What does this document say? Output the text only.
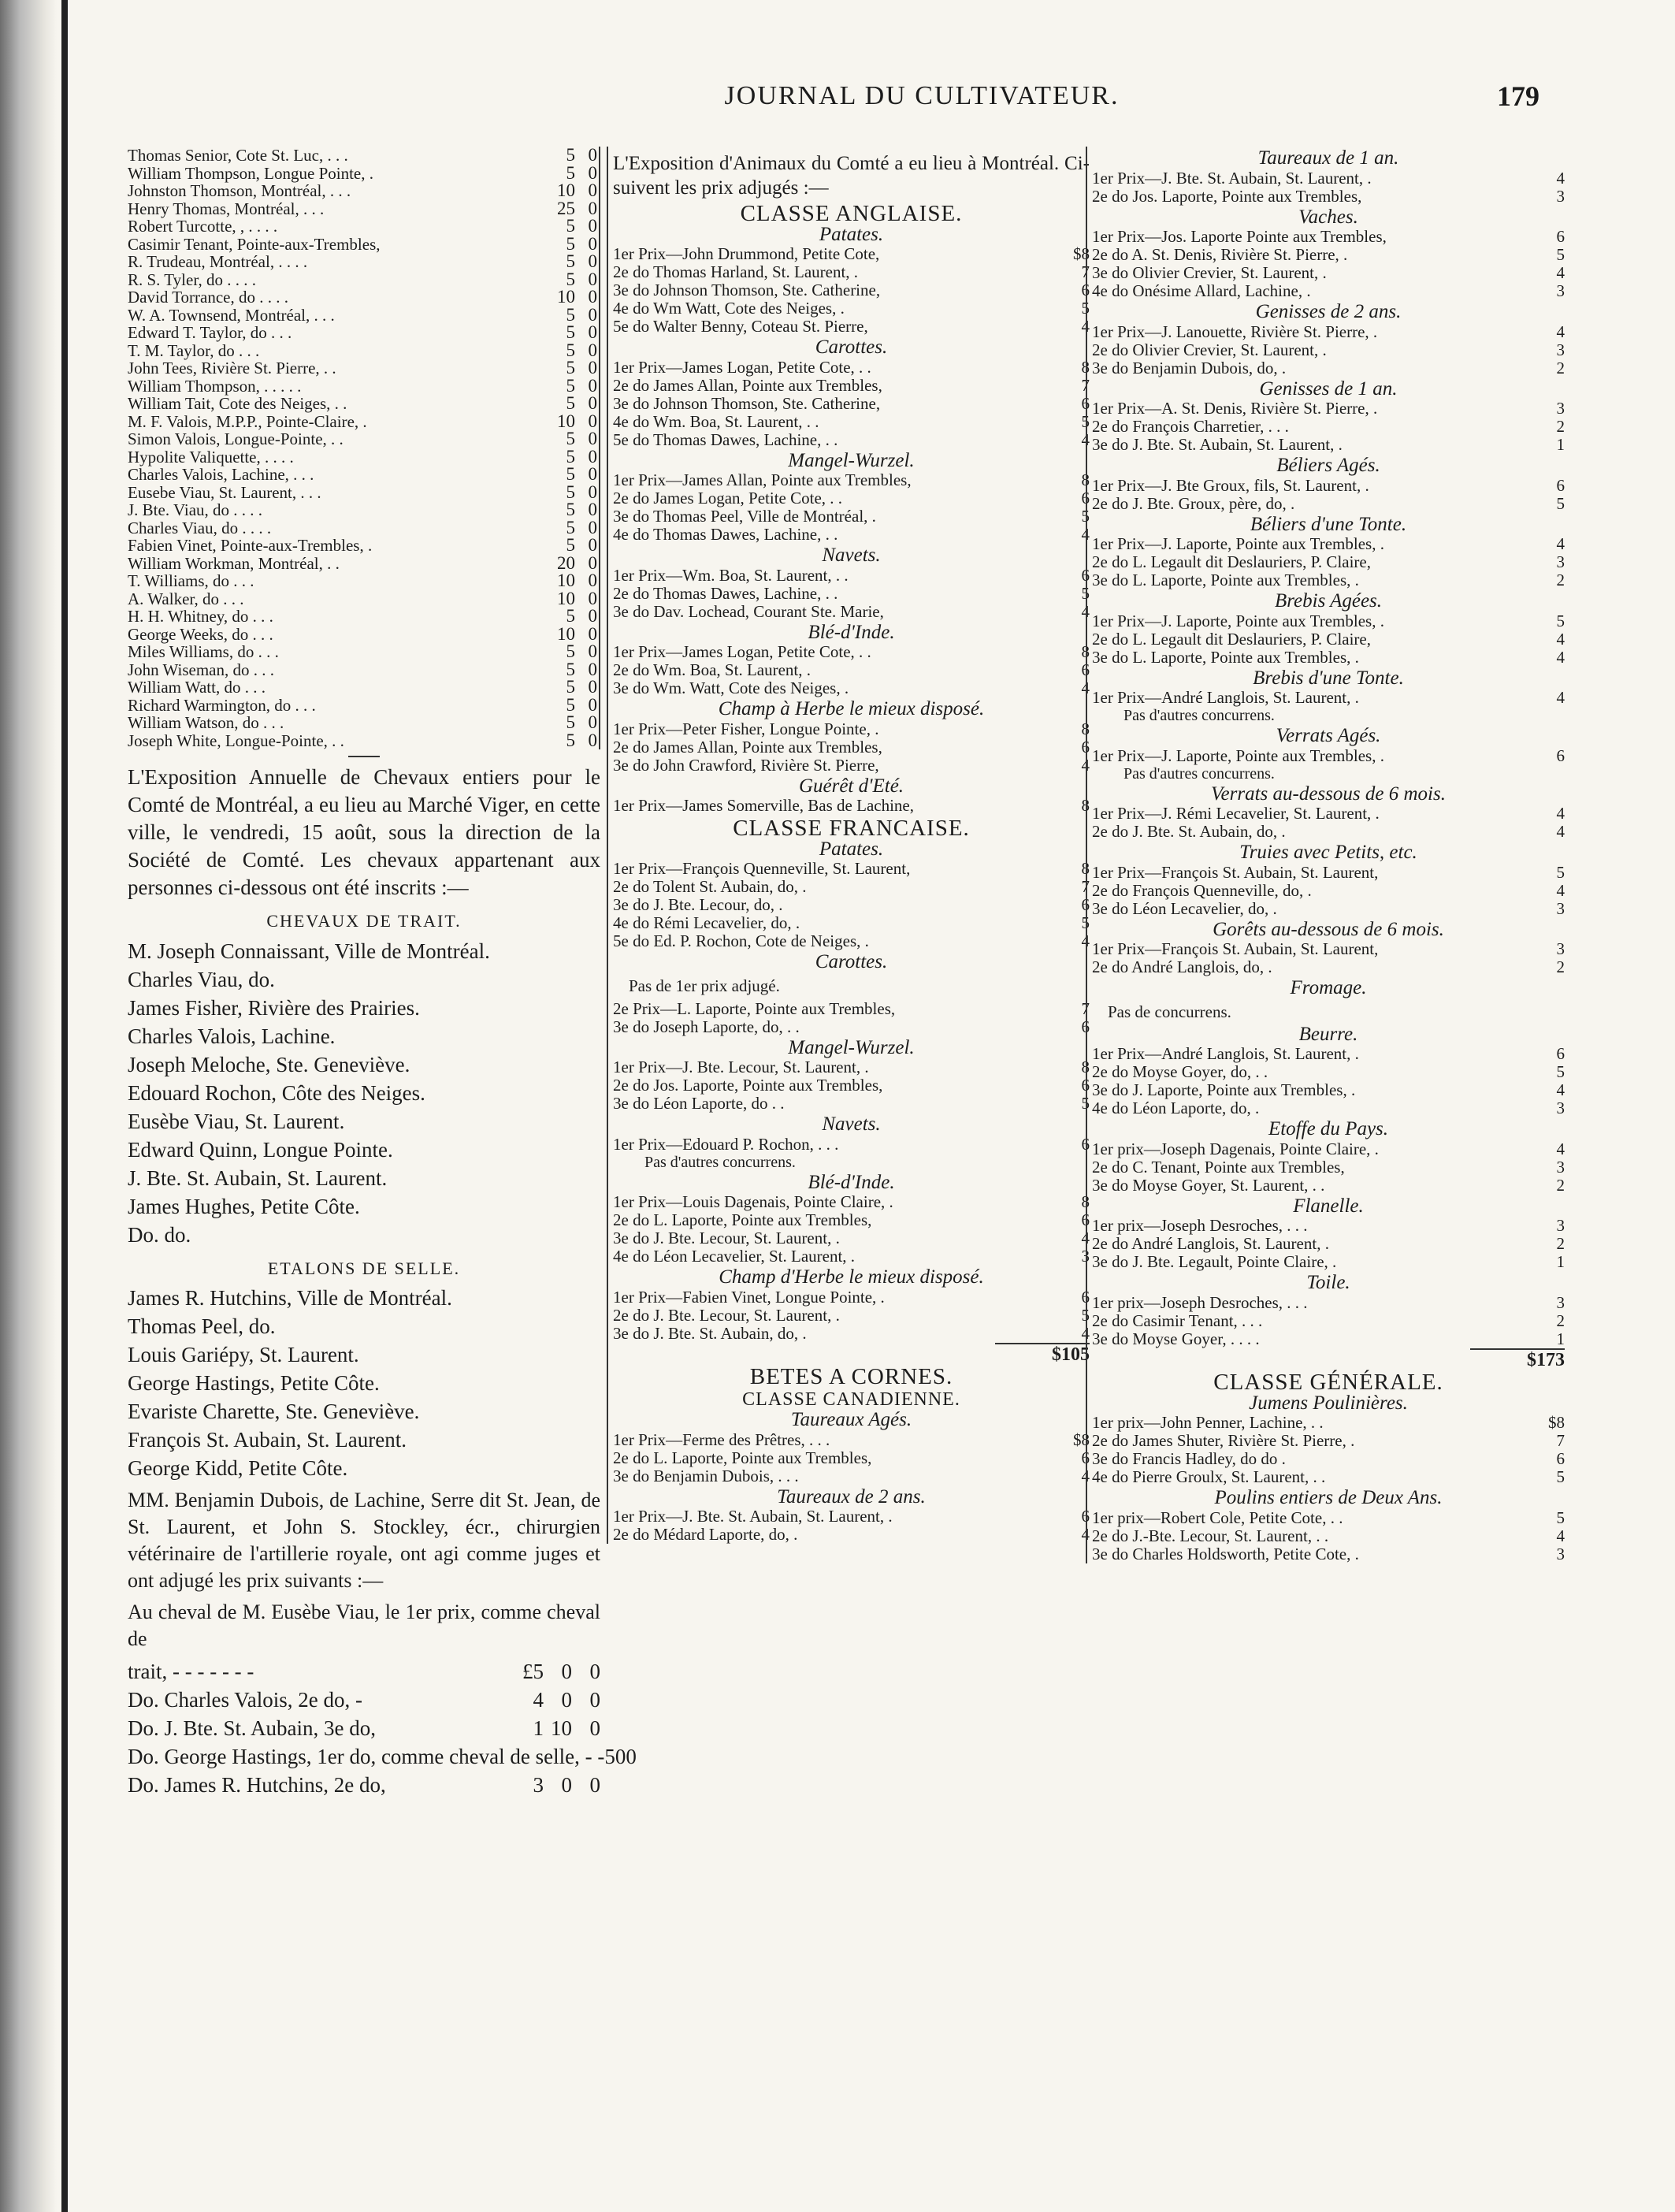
JOURNAL DU CULTIVATEUR.	179
Thomas Senior, Cote St. Luc, . . .	5 0
William Thompson, Longue Pointe, .	5 0
Johnston Thomson, Montréal, . . .	10 0
Henry Thomas, Montréal, . . .	25 0
Robert Turcotte, , . . . .	5 0
Casimir Tenant, Pointe-aux-Trembles,	5 0
R. Trudeau, Montréal, . . . .	5 0
R. S. Tyler, do . . . .	5 0
David Torrance, do . . . .	10 0
W. A. Townsend, Montréal, . . .	5 0
Edward T. Taylor, do . . .	5 0
T. M. Taylor, do . . .	5 0
John Tees, Rivière St. Pierre, . .	5 0
William Thompson, . . . . .	5 0
William Tait, Cote des Neiges, . .	5 0
M. F. Valois, M.P.P., Pointe-Claire, .	10 0
Simon Valois, Longue-Pointe, . .	5 0
Hypolite Valiquette, . . . .	5 0
Charles Valois, Lachine, . . .	5 0
Eusebe Viau, St. Laurent, . . .	5 0
J. Bte. Viau, do . . . .	5 0
Charles Viau, do . . . .	5 0
Fabien Vinet, Pointe-aux-Trembles, .	5 0
William Workman, Montréal, . .	20 0
T. Williams, do . . .	10 0
A. Walker, do . . .	10 0
H. H. Whitney, do . . .	5 0
George Weeks, do . . .	10 0
Miles Williams, do . . .	5 0
John Wiseman, do . . .	5 0
William Watt, do . . .	5 0
Richard Warmington, do . . .	5 0
William Watson, do . . .	5 0
Joseph White, Longue-Pointe, . .	5 0
L'Exposition Annuelle de Chevaux entiers pour le Comté de Montréal, a eu lieu au Marché Viger, en cette ville, le vendredi, 15 août, sous la direction de la Société de Comté. Les chevaux appartenant aux personnes ci-dessous ont été inscrits :—
CHEVAUX DE TRAIT.
M. Joseph Connaissant, Ville de Montréal.
Charles Viau, do.
James Fisher, Rivière des Prairies.
Charles Valois, Lachine.
Joseph Meloche, Ste. Geneviève.
Edouard Rochon, Côte des Neiges.
Eusèbe Viau, St. Laurent.
Edward Quinn, Longue Pointe.
J. Bte. St. Aubain, St. Laurent.
James Hughes, Petite Côte.
Do. do.
ETALONS DE SELLE.
James R. Hutchins, Ville de Montréal.
Thomas Peel, do.
Louis Gariépy, St. Laurent.
George Hastings, Petite Côte.
Evariste Charette, Ste. Geneviève.
François St. Aubain, St. Laurent.
George Kidd, Petite Côte.
MM. Benjamin Dubois, de Lachine, Serre dit St. Jean, de St. Laurent, et John S. Stockley, écr., chirurgien vétérinaire de l'artillerie royale, ont agi comme juges et ont adjugé les prix suivants :—
Au cheval de M. Eusèbe Viau, le 1er prix, comme cheval de
trait, - - - - - - -	£5 0 0
Do. Charles Valois, 2e do, -	4 0 0
Do. J. Bte. St. Aubain, 3e do,	1 10 0
Do. George Hastings, 1er do, comme cheval de selle, - - 5 0 0
Do. James R. Hutchins, 2e do,	3 0 0
L'Exposition d'Animaux du Comté a eu lieu à Montréal. Ci-suivent les prix adjugés :—
CLASSE ANGLAISE.
Patates.
1er Prix—John Drummond, Petite Cote,	$8
2e do Thomas Harland, St. Laurent, .	7
3e do Johnson Thomson, Ste. Catherine,	6
4e do Wm Watt, Cote des Neiges, .	5
5e do Walter Benny, Coteau St. Pierre,	4
Carottes.
1er Prix—James Logan, Petite Cote, . .	8
2e do James Allan, Pointe aux Trembles,	7
3e do Johnson Thomson, Ste. Catherine,	6
4e do Wm. Boa, St. Laurent, . .	5
5e do Thomas Dawes, Lachine, . .	4
Mangel-Wurzel.
1er Prix—James Allan, Pointe aux Trembles,	8
2e do James Logan, Petite Cote, . .	6
3e do Thomas Peel, Ville de Montréal, .	5
4e do Thomas Dawes, Lachine, . .	4
Navets.
1er Prix—Wm. Boa, St. Laurent, . .	6
2e do Thomas Dawes, Lachine, . .	5
3e do Dav. Lochead, Courant Ste. Marie,	4
Blé-d'Inde.
1er Prix—James Logan, Petite Cote, . .	8
2e do Wm. Boa, St. Laurent, .	6
3e do Wm. Watt, Cote des Neiges, .	4
Champ à Herbe le mieux disposé.
1er Prix—Peter Fisher, Longue Pointe, .	8
2e do James Allan, Pointe aux Trembles,	6
3e do John Crawford, Rivière St. Pierre,	4
Guérêt d'Eté.
1er Prix—James Somerville, Bas de Lachine,	8
CLASSE FRANCAISE.
Patates.
1er Prix—François Quenneville, St. Laurent,	8
2e do Tolent St. Aubain, do, .	7
3e do J. Bte. Lecour, do, .	6
4e do Rémi Lecavelier, do, .	5
5e do Ed. P. Rochon, Cote de Neiges, .	4
Carottes.
Pas de 1er prix adjugé.
2e Prix—L. Laporte, Pointe aux Trembles,	7
3e do Joseph Laporte, do, . .	6
Mangel-Wurzel.
1er Prix—J. Bte. Lecour, St. Laurent, .	8
2e do Jos. Laporte, Pointe aux Trembles,	6
3e do Léon Laporte, do . .	5
Navets.
1er Prix—Edouard P. Rochon, . . .	6
Pas d'autres concurrens.
Blé-d'Inde.
1er Prix—Louis Dagenais, Pointe Claire, .	8
2e do L. Laporte, Pointe aux Trembles,	6
3e do J. Bte. Lecour, St. Laurent, .	4
4e do Léon Lecavelier, St. Laurent, .	3
Champ d'Herbe le mieux disposé.
1er Prix—Fabien Vinet, Longue Pointe, .	6
2e do J. Bte. Lecour, St. Laurent, .	5
3e do J. Bte. St. Aubain, do, .	4
$105
BETES A CORNES.
CLASSE CANADIENNE.
Taureaux Agés.
1er Prix—Ferme des Prêtres, . . .	$8
2e do L. Laporte, Pointe aux Trembles,	6
3e do Benjamin Dubois, . . .	4
Taureaux de 2 ans.
1er Prix—J. Bte. St. Aubain, St. Laurent, .	6
2e do Médard Laporte, do, .	4
Taureaux de 1 an.
1er Prix—J. Bte. St. Aubain, St. Laurent, .	4
2e do Jos. Laporte, Pointe aux Trembles,	3
Vaches.
1er Prix—Jos. Laporte Pointe aux Trembles,	6
2e do A. St. Denis, Rivière St. Pierre, .	5
3e do Olivier Crevier, St. Laurent, .	4
4e do Onésime Allard, Lachine, .	3
Genisses de 2 ans.
1er Prix—J. Lanouette, Rivière St. Pierre, .	4
2e do Olivier Crevier, St. Laurent, .	3
3e do Benjamin Dubois, do, .	2
Genisses de 1 an.
1er Prix—A. St. Denis, Rivière St. Pierre, .	3
2e do François Charretier, . . .	2
3e do J. Bte. St. Aubain, St. Laurent, .	1
Béliers Agés.
1er Prix—J. Bte Groux, fils, St. Laurent, .	6
2e do J. Bte. Groux, père, do, .	5
Béliers d'une Tonte.
1er Prix—J. Laporte, Pointe aux Trembles, .	4
2e do L. Legault dit Deslauriers, P. Claire,	3
3e do L. Laporte, Pointe aux Trembles, .	2
Brebis Agées.
1er Prix—J. Laporte, Pointe aux Trembles, .	5
2e do L. Legault dit Deslauriers, P. Claire,	4
3e do L. Laporte, Pointe aux Trembles, .	4
Brebis d'une Tonte.
1er Prix—André Langlois, St. Laurent, .	4
Pas d'autres concurrens.
Verrats Agés.
1er Prix—J. Laporte, Pointe aux Trembles, .	6
Pas d'autres concurrens.
Verrats au-dessous de 6 mois.
1er Prix—J. Rémi Lecavelier, St. Laurent, .	4
2e do J. Bte. St. Aubain, do, .	4
Truies avec Petits, etc.
1er Prix—François St. Aubain, St. Laurent,	5
2e do François Quenneville, do, .	4
3e do Léon Lecavelier, do, .	3
Gorêts au-dessous de 6 mois.
1er Prix—François St. Aubain, St. Laurent,	3
2e do André Langlois, do, .	2
Fromage.
Pas de concurrens.
Beurre.
1er Prix—André Langlois, St. Laurent, .	6
2e do Moyse Goyer, do, . .	5
3e do J. Laporte, Pointe aux Trembles, .	4
4e do Léon Laporte, do, .	3
Etoffe du Pays.
1er prix—Joseph Dagenais, Pointe Claire, .	4
2e do C. Tenant, Pointe aux Trembles,	3
3e do Moyse Goyer, St. Laurent, . .	2
Flanelle.
1er prix—Joseph Desroches, . . .	3
2e do André Langlois, St. Laurent, .	2
3e do J. Bte. Legault, Pointe Claire, .	1
Toile.
1er prix—Joseph Desroches, . . .	3
2e do Casimir Tenant, . . .	2
3e do Moyse Goyer, . . . .	1
$173
CLASSE GÉNÉRALE.
Jumens Poulinières.
1er prix—John Penner, Lachine, . .	$8
2e do James Shuter, Rivière St. Pierre, .	7
3e do Francis Hadley, do do .	6
4e do Pierre Groulx, St. Laurent, . .	5
Poulins entiers de Deux Ans.
1er prix—Robert Cole, Petite Cote, . .	5
2e do J.-Bte. Lecour, St. Laurent, . .	4
3e do Charles Holdsworth, Petite Cote, .	3
